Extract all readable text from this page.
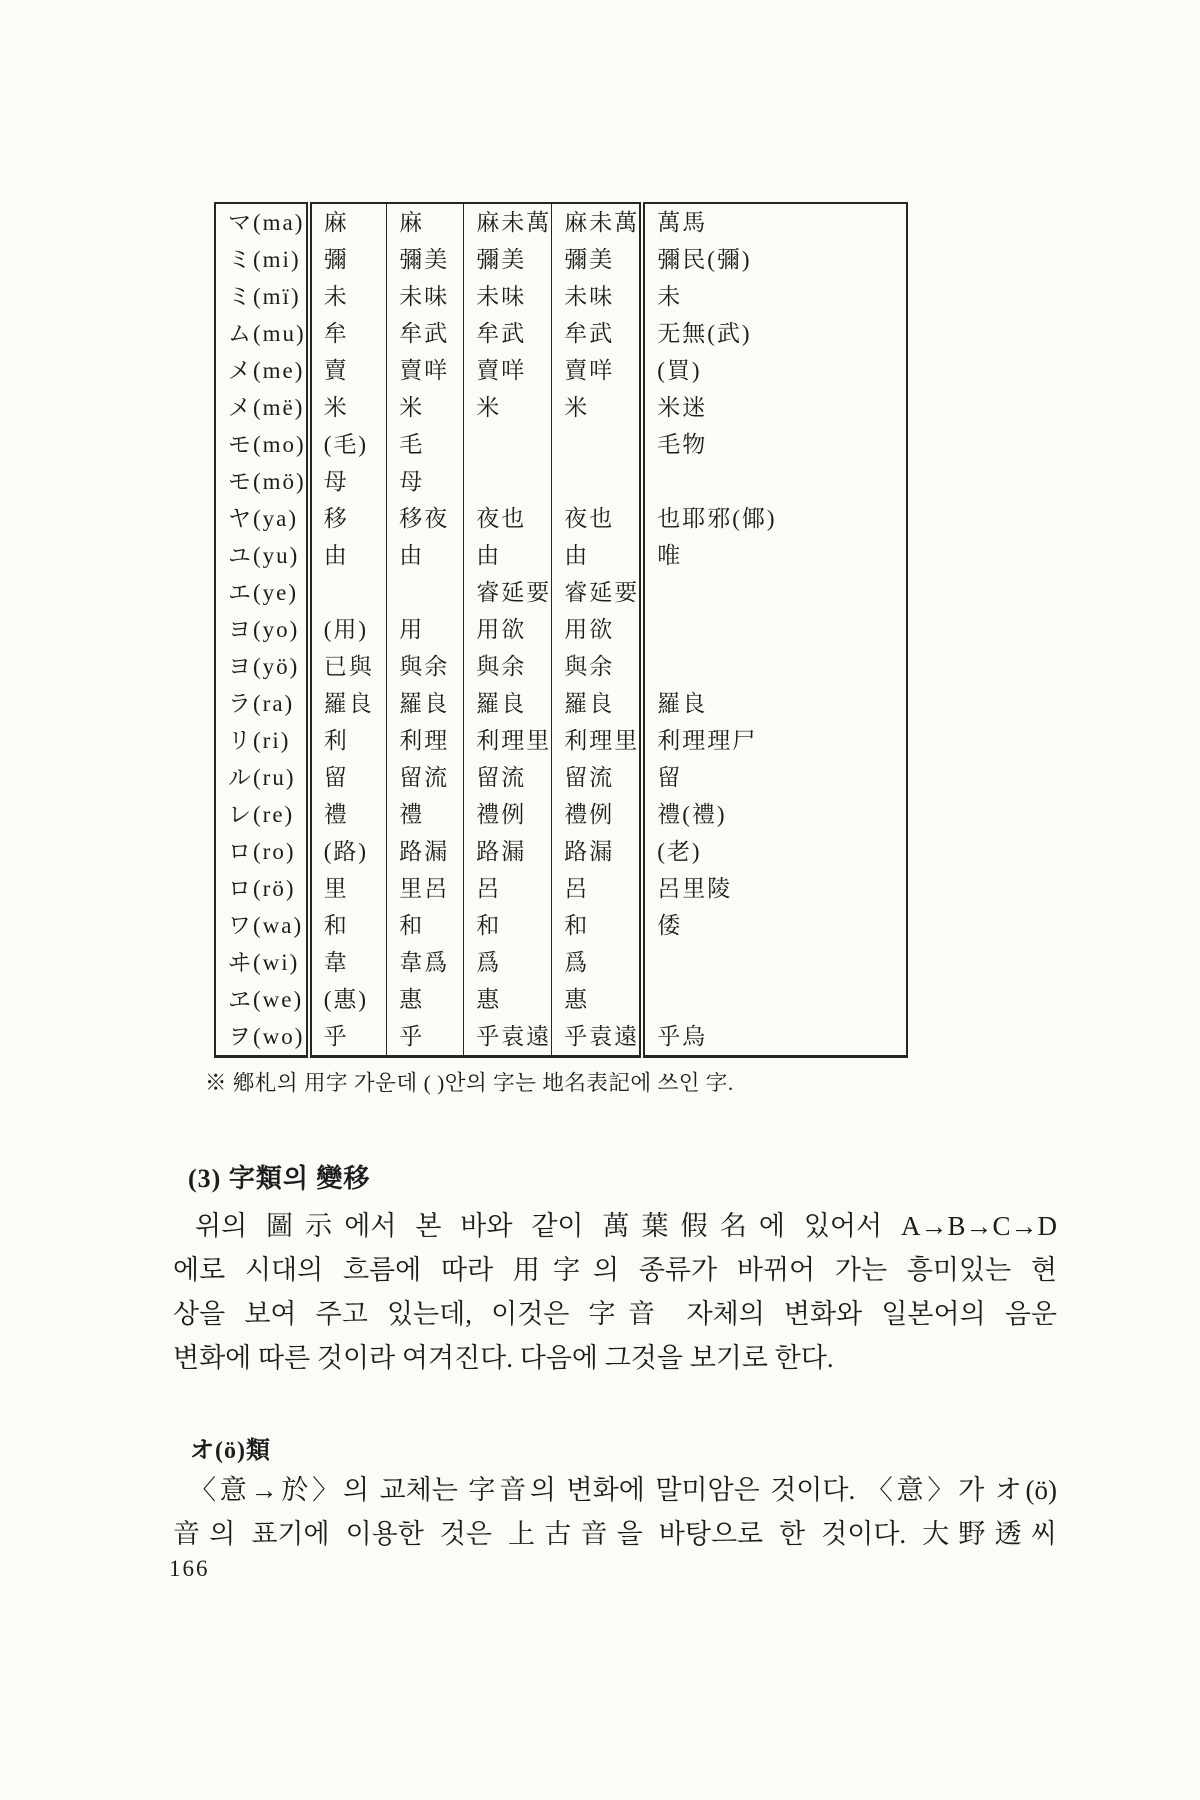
マ(ma)	麻	麻	麻未萬	麻未萬	萬馬
ミ(mi)	彌	彌美	彌美	彌美	彌民(彌)
ミ(mï)	未	未味	未味	未味	未
ム(mu)	牟	牟武	牟武	牟武	无無(武)
メ(me)	賣	賣咩	賣咩	賣咩	(買)
メ(më)	米	米	米	米	米迷
モ(mo)	(毛)	毛			毛物
モ(mö)	母	母			
ヤ(ya)	移	移夜	夜也	夜也	也耶邪(倻)
ユ(yu)	由	由	由	由	唯
エ(ye)			睿延要	睿延要	
ヨ(yo)	(用)	用	用欲	用欲	
ヨ(yö)	已與	與余	與余	與余	
ラ(ra)	羅良	羅良	羅良	羅良	羅良
リ(ri)	利	利理	利理里	利理里	利理理尸
ル(ru)	留	留流	留流	留流	留
レ(re)	禮	禮	禮例	禮例	禮(禮)
ロ(ro)	(路)	路漏	路漏	路漏	(老)
ロ(rö)	里	里呂	呂	呂	呂里陵
ワ(wa)	和	和	和	和	倭
ヰ(wi)	韋	韋爲	爲	爲	
ヱ(we)	(惠)	惠	惠	惠	
ヲ(wo)	乎	乎	乎袁遠	乎袁遠	乎烏
※ 鄕札의 用字 가운데 ( )안의 字는 地名表記에 쓰인 字.
(3) 字類의 變移
위의 圖示에서 본 바와 같이 萬葉假名에 있어서 A→B→C→D
에로 시대의 흐름에 따라 用字의 종류가 바뀌어 가는 흥미있는 현
상을 보여 주고 있는데, 이것은 字音 자체의 변화와 일본어의 음운
변화에 따른 것이라 여겨진다. 다음에 그것을 보기로 한다.
オ(ö)類
〈意→於〉의 교체는 字音의 변화에 말미암은 것이다. 〈意〉가 オ(ö)
音의 표기에 이용한 것은 上古音을 바탕으로 한 것이다. 大野透씨
166
